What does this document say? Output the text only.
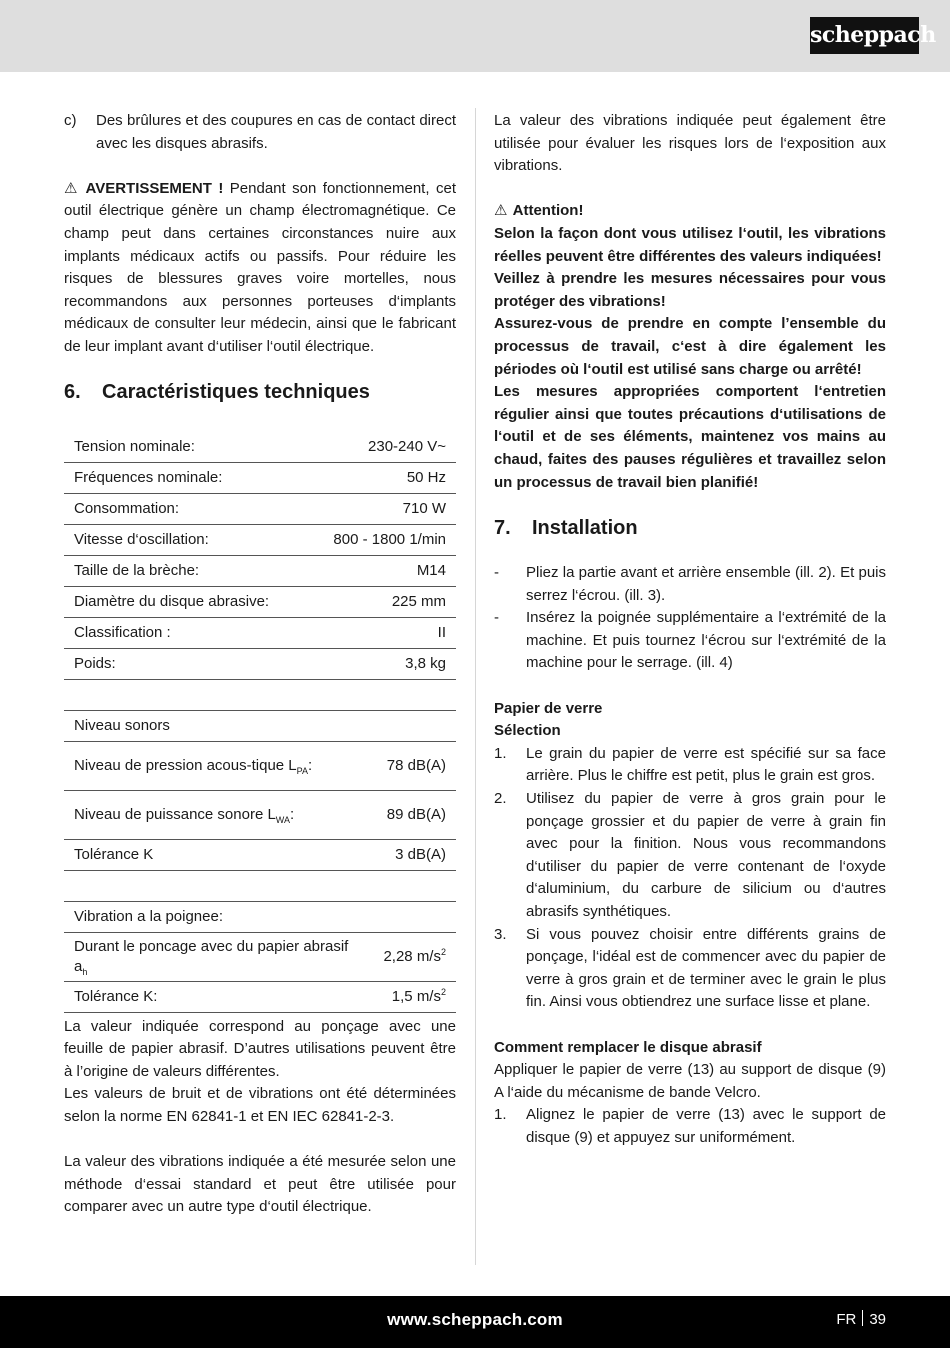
scheppach
c)	Des brûlures et des coupures en cas de contact direct avec les disques abrasifs.

⚠ AVERTISSEMENT ! Pendant son fonctionnement, cet outil électrique génère un champ électromagnétique. Ce champ peut dans certaines circonstances nuire aux implants médicaux actifs ou passifs. Pour réduire les risques de blessures graves voire mortelles, nous recommandons aux personnes porteuses d‘implants médicaux de consulter leur médecin, ainsi que le fabricant de leur implant avant d‘utiliser l‘outil électrique.

6.	Caractéristiques techniques
Tension nominale:	230-240 V~
Fréquences nominale:	50 Hz
Consommation:	710 W
Vitesse d‘oscillation:	800 - 1800 1/min
Taille de la brèche:	M14
Diamètre du disque abrasive:	225 mm
Classification :	II
Poids:	3,8 kg

Niveau sonors	
Niveau de pression acous-tique $L_{PA}$:	78 dB(A)
Niveau de puissance sonore $L_{WA}$:	89 dB(A)
Tolérance K	3 dB(A)

Vibration a la poignee:	
Durant le poncage avec du papier abrasif $a_h$	2,28 $m/s^2$
Tolérance K:	1,5 $m/s^2$

La valeur indiquée correspond au ponçage avec une feuille de papier abrasif. D’autres utilisations peuvent être à l’origine de valeurs différentes.

Les valeurs de bruit et de vibrations ont été déterminées selon la norme EN 62841-1 et EN IEC 62841-2-3.

La valeur des vibrations indiquée a été mesurée selon une méthode d‘essai standard et peut être utilisée pour comparer avec un autre type d‘outil électrique.

La valeur des vibrations indiquée peut également être utilisée pour évaluer les risques lors de l‘exposition aux vibrations.

⚠ Attention!

Selon la façon dont vous utilisez l‘outil, les vibrations réelles peuvent être différentes des valeurs indiquées!

Veillez à prendre les mesures nécessaires pour vous protéger des vibrations!

Assurez-vous de prendre en compte l’ensemble du processus de travail, c‘est à dire également les périodes où l‘outil est utilisé sans charge ou arrêté!

Les mesures appropriées comportent l‘entretien régulier ainsi que toutes précautions d‘utilisations de l‘outil et de ses éléments, maintenez vos mains au chaud, faites des pauses régulières et travaillez selon un processus de travail bien planifié!

7.	Installation
-	Pliez la partie avant et arrière ensemble (ill. 2). Et puis serrez l‘écrou. (ill. 3).
-	Insérez la poignée supplémentaire a l‘extrémité de la machine. Et puis tournez l‘écrou sur l‘extrémité de la machine pour le serrage. (ill. 4)

Papier de verre

Sélection

1.	Le grain du papier de verre est spécifié sur sa face arrière. Plus le chiffre est petit, plus le grain est gros.
2.	Utilisez du papier de verre à gros grain pour le ponçage grossier et du papier de verre à grain fin avec pour la finition. Nous vous recommandons d‘utiliser du papier de verre contenant de l‘oxyde d‘aluminium, du carbure de silicium ou d‘autres abrasifs synthétiques.
3.	Si vous pouvez choisir entre différents grains de ponçage, l‘idéal est de commencer avec du papier de verre à gros grain et de terminer avec le grain le plus fin. Ainsi vous obtiendrez une surface lisse et plane.

Comment remplacer le disque abrasif

Appliquer le papier de verre (13) au support de disque (9) A l‘aide du mécanisme de bande Velcro.

1.	Alignez le papier de verre (13) avec le support de disque (9) et appuyez sur uniformément.
www.scheppach.com	FR 39
